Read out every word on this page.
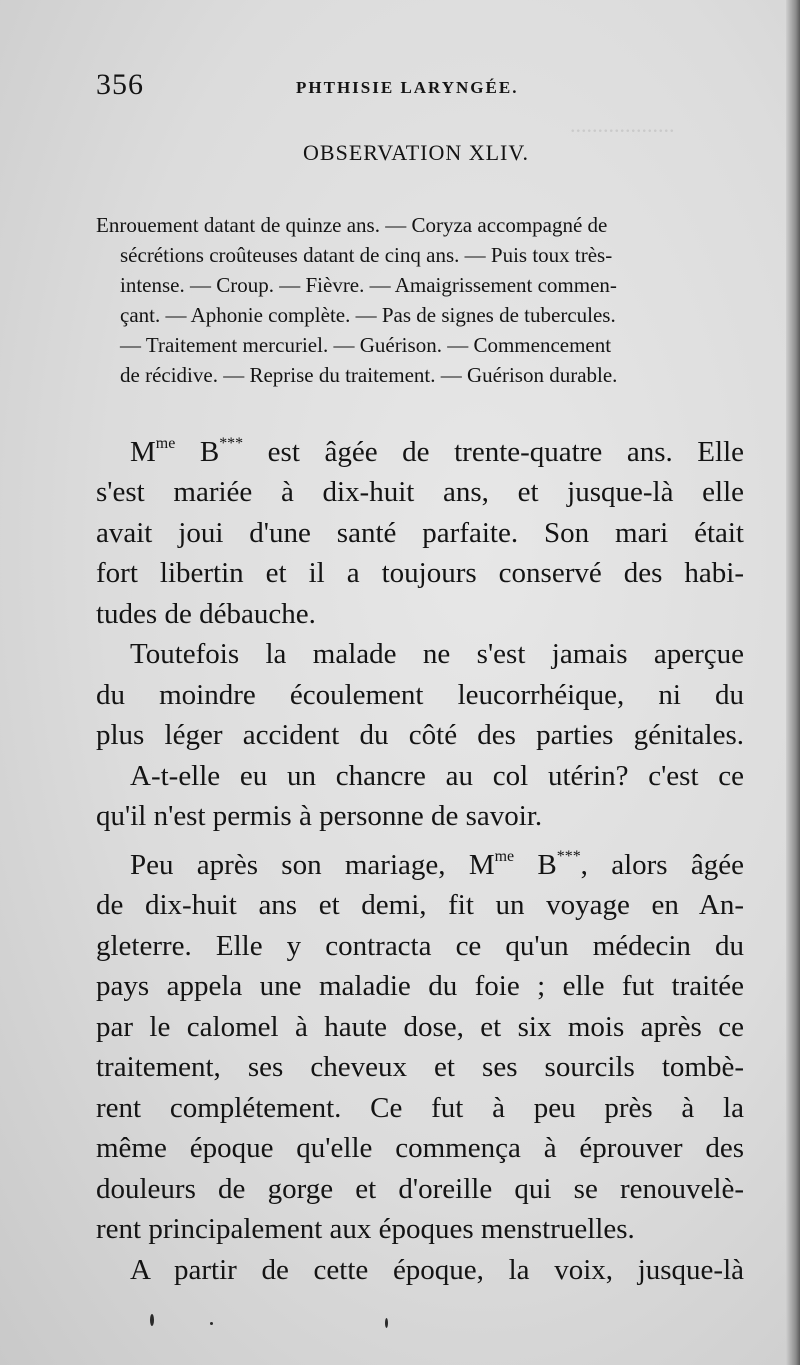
...................
356	PHTHISIE LARYNGÉE.
OBSERVATION XLIV.
Enrouement datant de quinze ans. — Coryza accompagné de
sécrétions croûteuses datant de cinq ans. — Puis toux très-
intense. — Croup. — Fièvre. — Amaigrissement commen-
çant. — Aphonie complète. — Pas de signes de tubercules.
— Traitement mercuriel. — Guérison. — Commencement
de récidive. — Reprise du traitement. — Guérison durable.
$M^{me}$ B*** est âgée de trente-quatre ans. Elle
s'est mariée à dix-huit ans, et jusque-là elle
avait joui d'une santé parfaite. Son mari était
fort libertin et il a toujours conservé des habi-
tudes de débauche.
Toutefois la malade ne s'est jamais aperçue
du moindre écoulement leucorrhéique, ni du
plus léger accident du côté des parties génitales.
A-t-elle eu un chancre au col utérin? c'est ce
qu'il n'est permis à personne de savoir.
Peu après son mariage, $M^{me}$ B***, alors âgée
de dix-huit ans et demi, fit un voyage en An-
gleterre. Elle y contracta ce qu'un médecin du
pays appela une maladie du foie ; elle fut traitée
par le calomel à haute dose, et six mois après ce
traitement, ses cheveux et ses sourcils tombè-
rent complétement. Ce fut à peu près à la
même époque qu'elle commença à éprouver des
douleurs de gorge et d'oreille qui se renouvelè-
rent principalement aux époques menstruelles.
A partir de cette époque, la voix, jusque-là
